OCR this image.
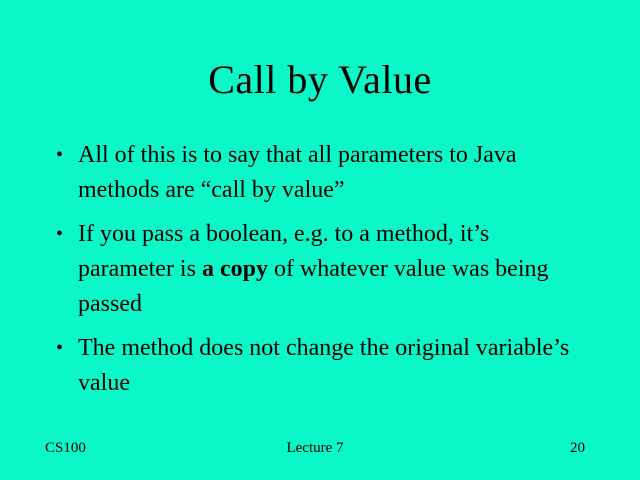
Call by Value
• All of this is to say that all parameters to Java methods are “call by value”
• If you pass a boolean, e.g. to a method, it’s parameter is a copy of whatever value was being passed
• The method does not change the original variable’s value
CS100	Lecture 7	20
